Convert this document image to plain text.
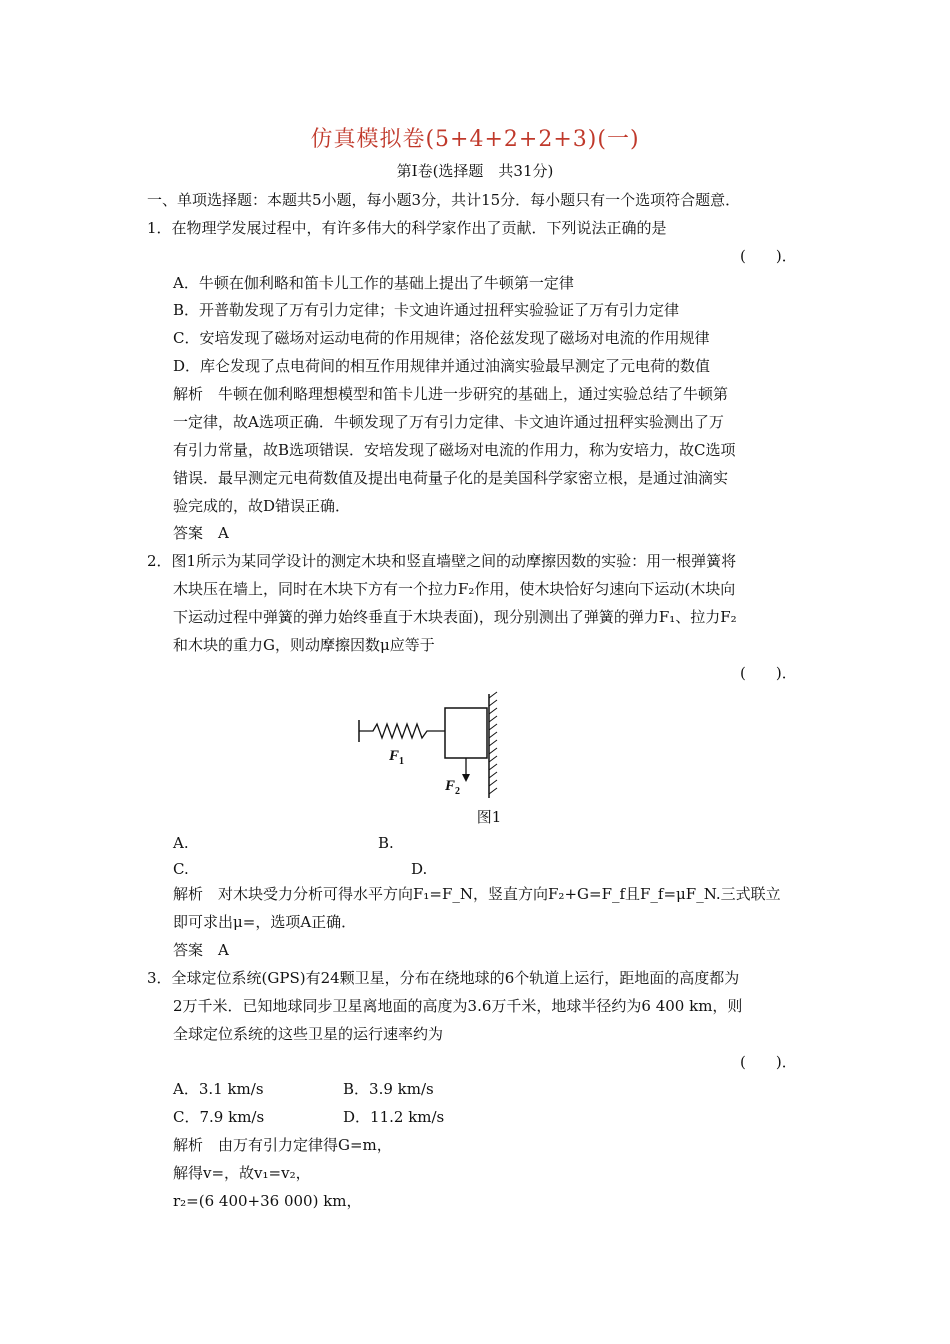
仿真模拟卷(5+4+2+2+3)(一)
第Ⅰ卷(选择题　共31分)
一、单项选择题：本题共5小题，每小题3分，共计15分．每小题只有一个选项符合题意．
1．在物理学发展过程中，有许多伟大的科学家作出了贡献．下列说法正确的是
(　　)．
A．牛顿在伽利略和笛卡儿工作的基础上提出了牛顿第一定律
B．开普勒发现了万有引力定律；卡文迪许通过扭秤实验验证了万有引力定律
C．安培发现了磁场对运动电荷的作用规律；洛伦兹发现了磁场对电流的作用规律
D．库仑发现了点电荷间的相互作用规律并通过油滴实验最早测定了元电荷的数值
解析　牛顿在伽利略理想模型和笛卡儿进一步研究的基础上，通过实验总结了牛顿第
一定律，故A选项正确．牛顿发现了万有引力定律、卡文迪许通过扭秤实验测出了万
有引力常量，故B选项错误．安培发现了磁场对电流的作用力，称为安培力，故C选项
错误．最早测定元电荷数值及提出电荷量子化的是美国科学家密立根，是通过油滴实
验完成的，故D错误正确．
答案　A
2．图1所示为某同学设计的测定木块和竖直墙壁之间的动摩擦因数的实验：用一根弹簧将
木块压在墙上，同时在木块下方有一个拉力F₂作用，使木块恰好匀速向下运动(木块向
下运动过程中弹簧的弹力始终垂直于木块表面)，现分别测出了弹簧的弹力F₁、拉力F₂
和木块的重力G，则动摩擦因数μ应等于
(　　)．
F 1
F 2
图1
A.	B.
C.	D.
解析　对木块受力分析可得水平方向F₁=F_N，竖直方向F₂+G=F_f且F_f=μF_N.三式联立
即可求出μ=，选项A正确．
答案　A
3．全球定位系统(GPS)有24颗卫星，分布在绕地球的6个轨道上运行，距地面的高度都为
2万千米．已知地球同步卫星离地面的高度为3.6万千米，地球半径约为6 400 km，则
全球定位系统的这些卫星的运行速率约为
(　　)．
A．3.1 km/s	B．3.9 km/s
C．7.9 km/s	D．11.2 km/s
解析　由万有引力定律得G=m，
解得v=，故v₁=v₂，
r₂=(6 400+36 000) km，
